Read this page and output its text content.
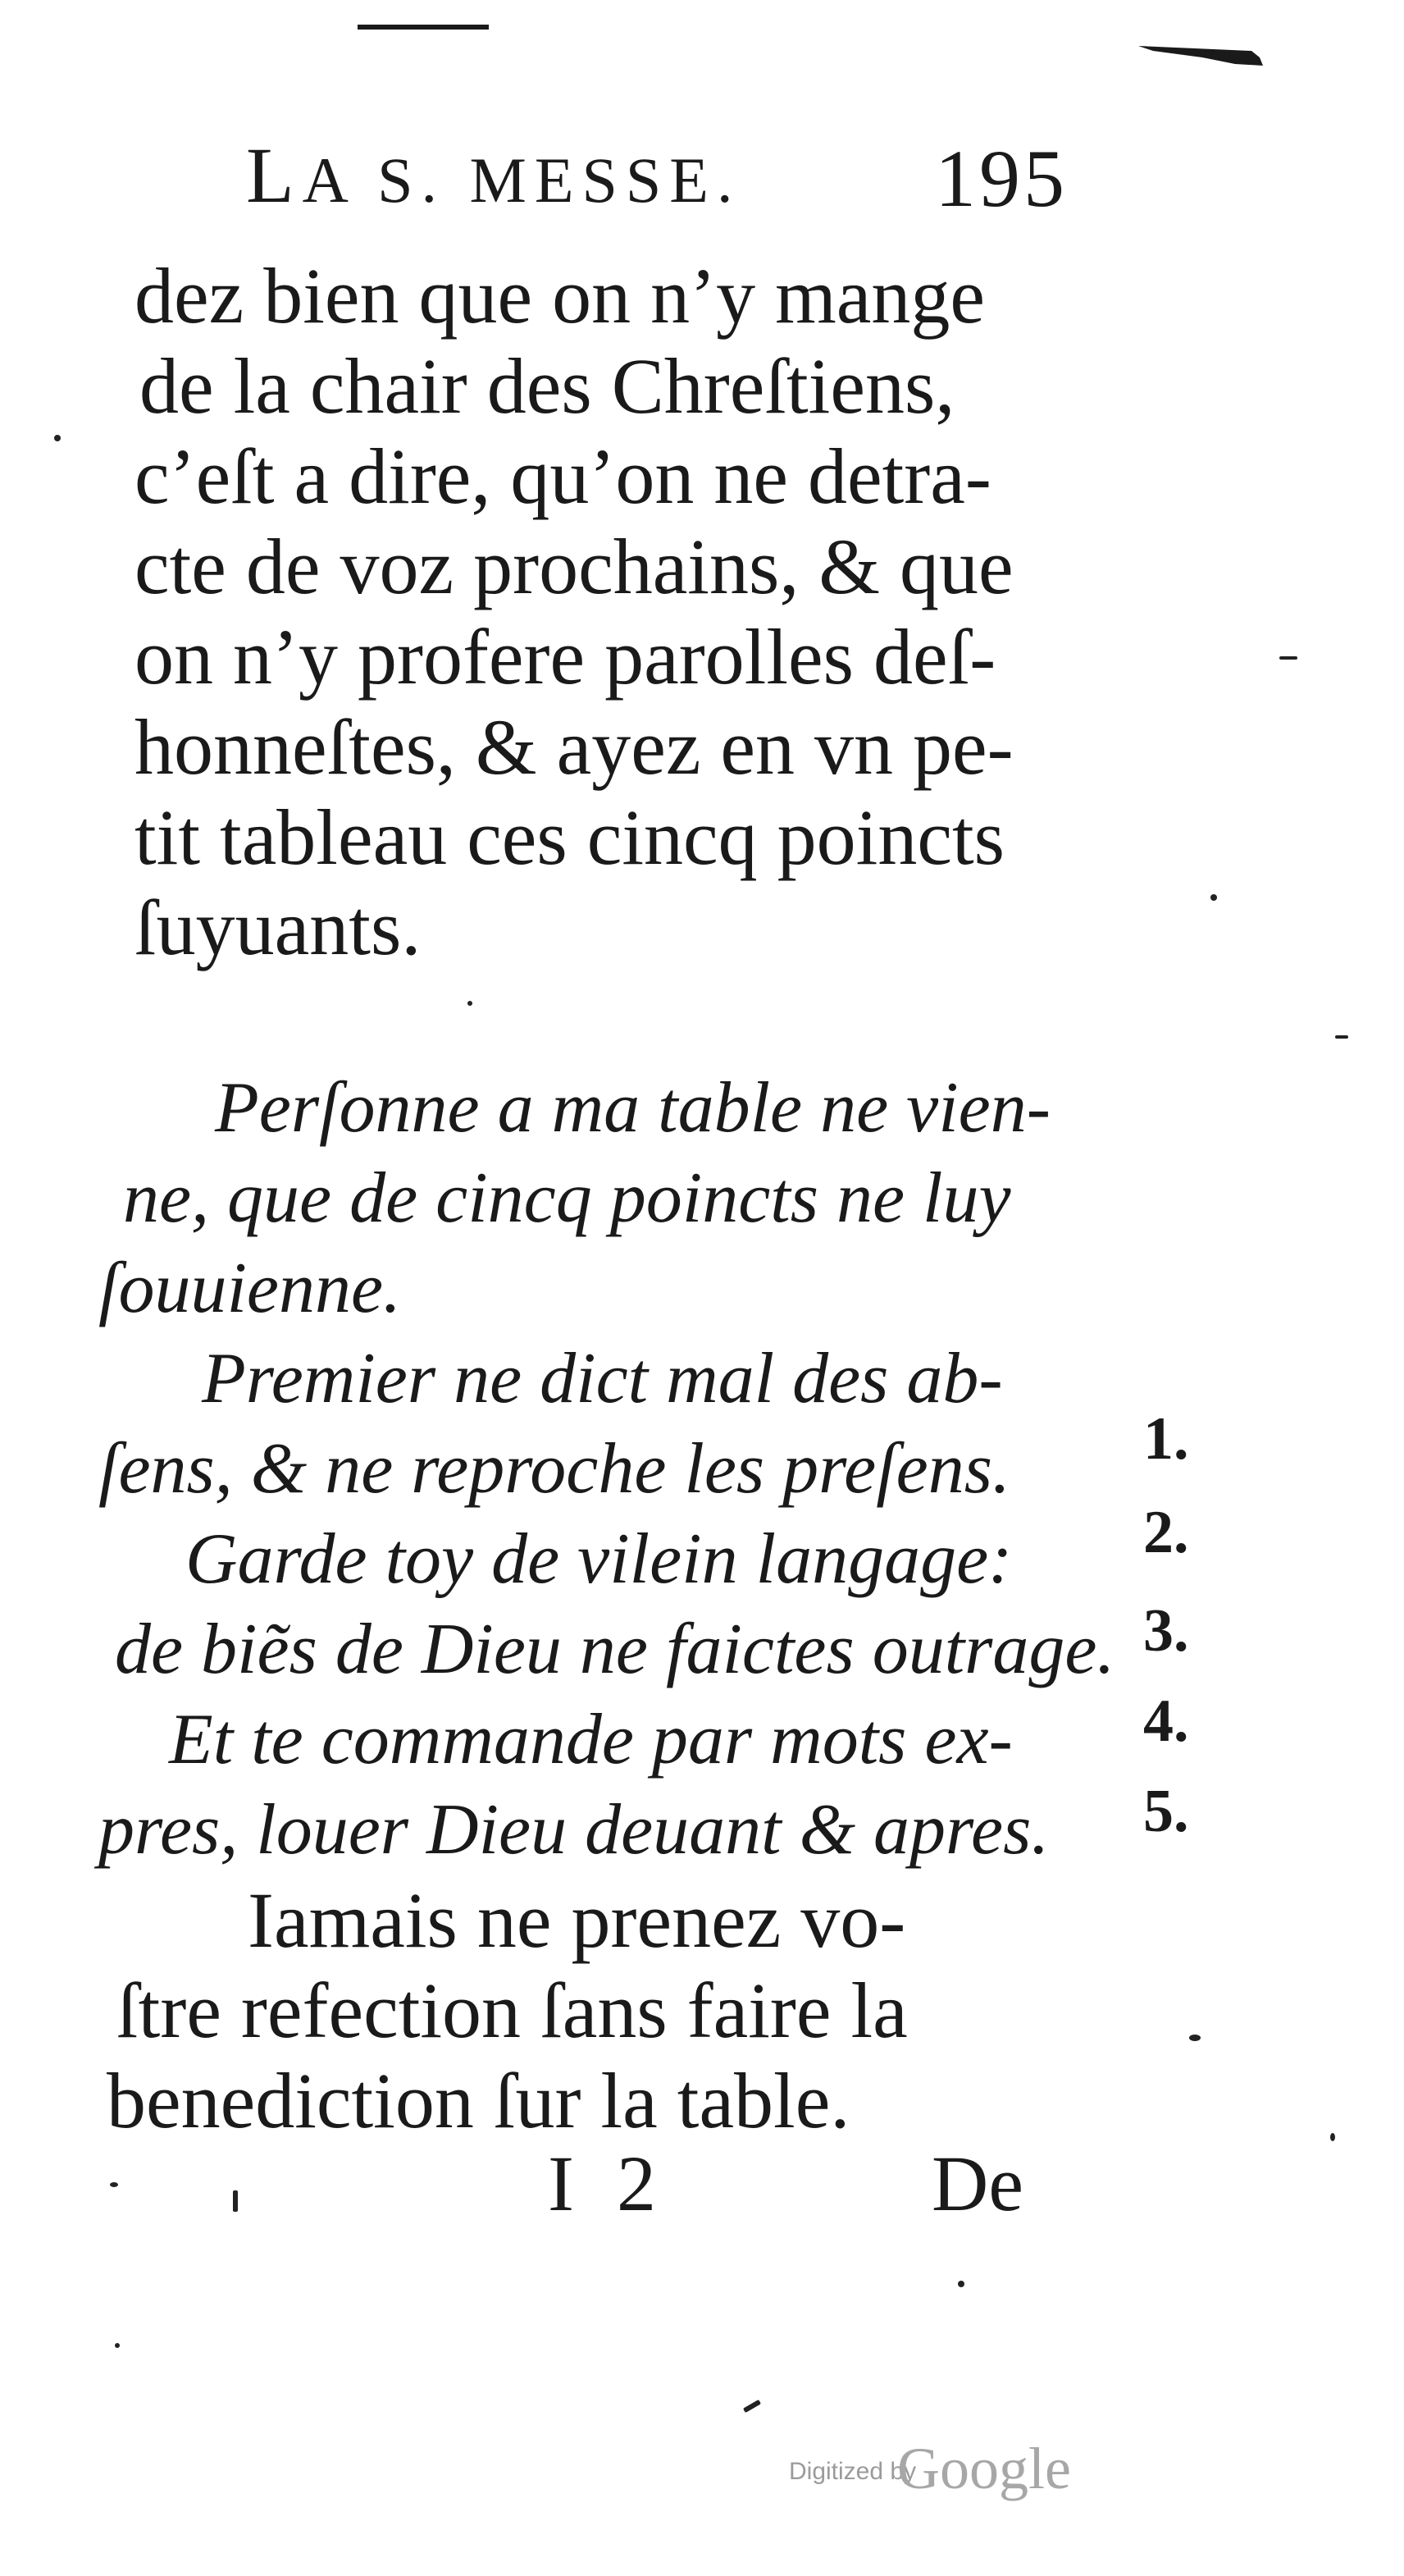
LA S. MESSE. 195
dez bien que on n’y mange
de la chair des Chreſtiens,
c’eſt a dire, qu’on ne detra-
cte de voz prochains, & que
on n’y profere parolles deſ-
honneſtes, & ayez en vn pe-
tit tableau ces cincq poincts
ſuyuants.
Perſonne a ma table ne vien-
ne, que de cincq poincts ne luy
ſouuienne.
Premier ne dict mal des ab-
ſens, & ne reproche les preſens.
Garde toy de vilein langage:
de biẽs de Dieu ne faictes outrage.
Et te commande par mots ex-
pres, louer Dieu deuant & apres.
1.
2.
3.
4.
5.
Iamais ne prenez vo-
ſtre refection ſans faire la
benediction ſur la table.
I 2	De
Digitized by
Google
